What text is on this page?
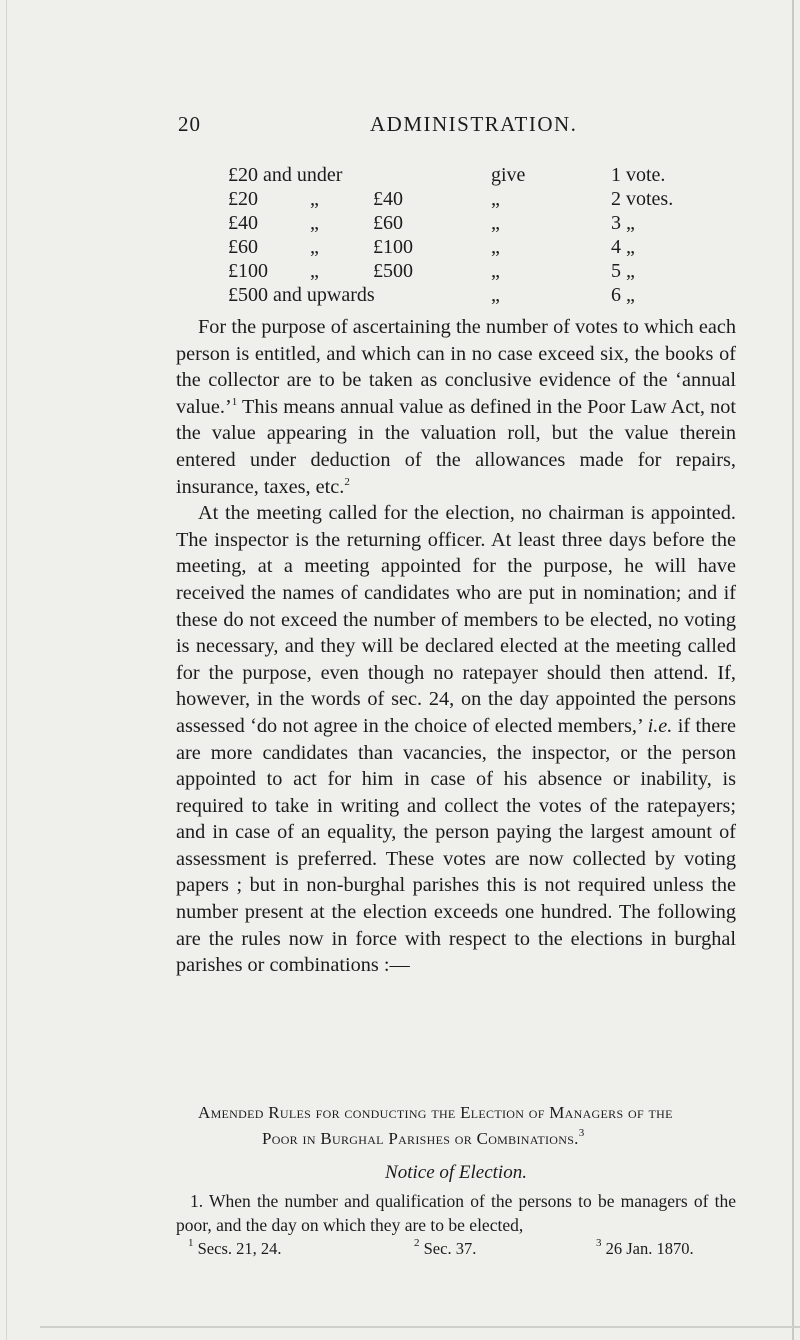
20	ADMINISTRATION.
£20 and under	give	1 vote.
£20	„	£40	„	2 votes.
£40	„	£60	„	3 „
£60	„	£100	„	4 „
£100 „	£500	„	5 „
£500 and upwards	„	6 „

For the purpose of ascertaining the number of votes to which each person is entitled, and which can in no case exceed six, the books of the collector are to be taken as conclusive evidence of the ‘annual value.’$^1$ This means annual value as defined in the Poor Law Act, not the value appearing in the valuation roll, but the value therein entered under deduction of the allowances made for repairs, insurance, taxes, etc.$^2$

At the meeting called for the election, no chairman is appointed. The inspector is the returning officer. At least three days before the meeting, at a meeting appointed for the purpose, he will have received the names of candidates who are put in nomination; and if these do not exceed the number of members to be elected, no voting is necessary, and they will be declared elected at the meeting called for the purpose, even though no ratepayer should then attend. If, however, in the words of sec. 24, on the day appointed the persons assessed ‘do not agree in the choice of elected members,’ i.e. if there are more candidates than vacancies, the inspector, or the person appointed to act for him in case of his absence or inability, is required to take in writing and collect the votes of the ratepayers; and in case of an equality, the person paying the largest amount of assessment is preferred. These votes are now collected by voting papers ; but in non-burghal parishes this is not required unless the number present at the election exceeds one hundred. The following are the rules now in force with respect to the elections in burghal parishes or combinations :—

Amended Rules for conducting the Election of Managers of the
Poor in Burghal Parishes or Combinations.$^3$
Notice of Election.

1. When the number and qualification of the persons to be managers of the poor, and the day on which they are to be elected,

$^1$ Secs. 21, 24.	$^2$ Sec. 37.	$^3$ 26 Jan. 1870.
